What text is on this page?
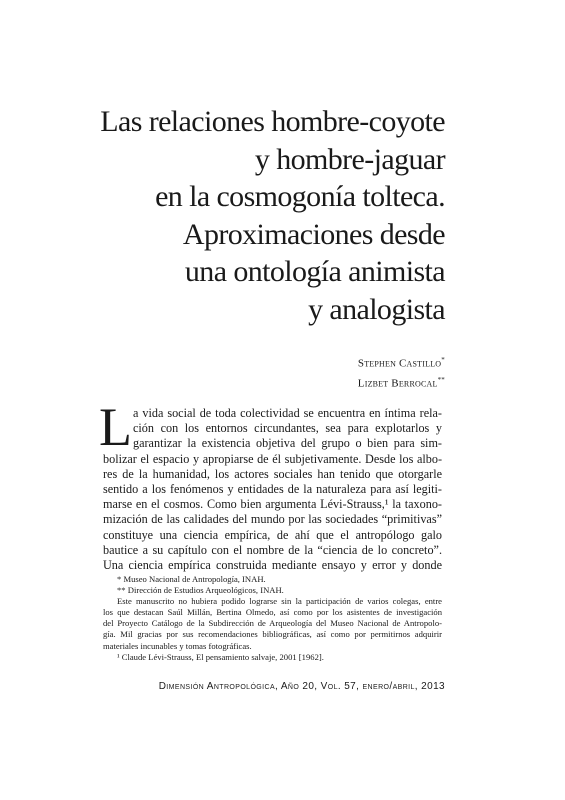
Las relaciones hombre-coyote
y hombre-jaguar
en la cosmogonía tolteca.
Aproximaciones desde
una ontología animista
y analogista
Stephen Castillo*
Lizbet Berrocal**
L a vida social de toda colectividad se encuentra en íntima rela-
ción con los entornos circundantes, sea para explotarlos y
garantizar la existencia objetiva del grupo o bien para sim-
bolizar el espacio y apropiarse de él subjetivamente. Desde los albo-
res de la humanidad, los actores sociales han tenido que otorgarle
sentido a los fenómenos y entidades de la naturaleza para así legiti-
marse en el cosmos. Como bien argumenta Lévi-Strauss,¹ la taxono-
mización de las calidades del mundo por las sociedades “primitivas”
constituye una ciencia empírica, de ahí que el antropólogo galo
bautice a su capítulo con el nombre de la “ciencia de lo concreto”.
Una ciencia empírica construida mediante ensayo y error y donde
* Museo Nacional de Antropología, INAH.
** Dirección de Estudios Arqueológicos, INAH.
Este manuscrito no hubiera podido lograrse sin la participación de varios colegas, entre
los que destacan Saúl Millán, Bertina Olmedo, así como por los asistentes de investigación
del Proyecto Catálogo de la Subdirección de Arqueología del Museo Nacional de Antropolo-
gía. Mil gracias por sus recomendaciones bibliográficas, así como por permitirnos adquirir
materiales incunables y tomas fotográficas.
¹ Claude Lévi-Strauss, El pensamiento salvaje, 2001 [1962].
Dimensión Antropológica, Año 20, Vol. 57, enero/abril, 2013
